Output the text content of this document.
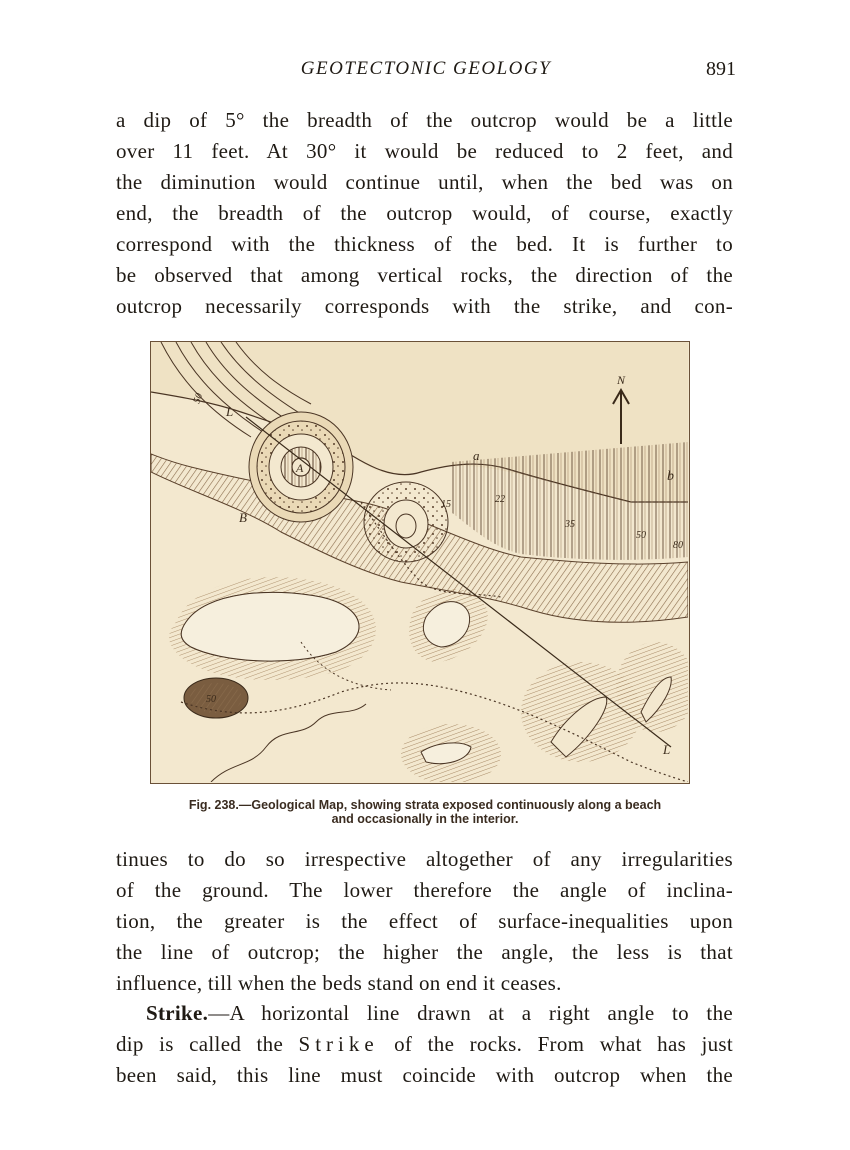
GEOTECTONIC GEOLOGY	891

a dip of 5° the breadth of the outcrop would be a little
over 11 feet. At 30° it would be reduced to 2 feet, and
the diminution would continue until, when the bed was on
end, the breadth of the outcrop would, of course, exactly
correspond with the thickness of the bed. It is further to
be observed that among vertical rocks, the direction of the
outcrop necessarily corresponds with the strike, and con-

N
a
b
B
A
L
L
50
22
15
35
50
80
50
Fig. 238.—Geological Map, showing strata exposed continuously along a beach
and occasionally in the interior.

tinues to do so irrespective altogether of any irregularities
of the ground. The lower therefore the angle of inclina-
tion, the greater is the effect of surface-inequalities upon
the line of outcrop; the higher the angle, the less is that
influence, till when the beds stand on end it ceases.

Strike.—A horizontal line drawn at a right angle to the
dip is called the Strike of the rocks. From what has just
been said, this line must coincide with outcrop when the
